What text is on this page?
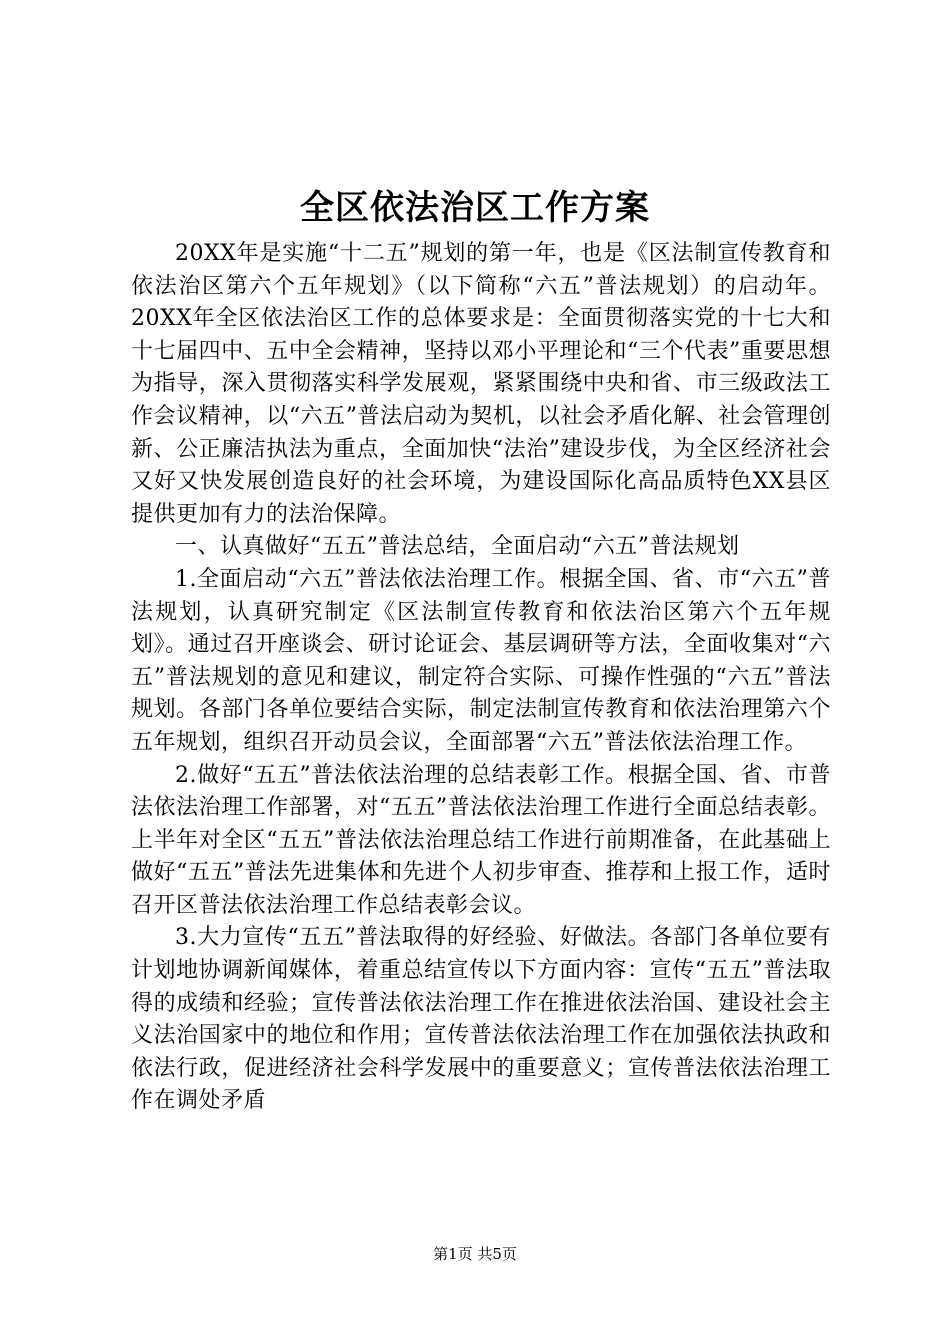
全区依法治区工作方案

20XX年是实施“十二五”规划的第一年，也是《区法制宣传教育和依法治区第六个五年规划》（以下简称“六五”普法规划）的启动年。20XX年全区依法治区工作的总体要求是：全面贯彻落实党的十七大和十七届四中、五中全会精神，坚持以邓小平理论和“三个代表”重要思想为指导，深入贯彻落实科学发展观，紧紧围绕中央和省、市三级政法工作会议精神，以“六五”普法启动为契机，以社会矛盾化解、社会管理创新、公正廉洁执法为重点，全面加快“法治”建设步伐，为全区经济社会又好又快发展创造良好的社会环境，为建设国际化高品质特色XX县区提供更加有力的法治保障。

一、认真做好“五五”普法总结，全面启动“六五”普法规划

1.全面启动“六五”普法依法治理工作。根据全国、省、市“六五”普法规划，认真研究制定《区法制宣传教育和依法治区第六个五年规划》。通过召开座谈会、研讨论证会、基层调研等方法，全面收集对“六五”普法规划的意见和建议，制定符合实际、可操作性强的“六五”普法规划。各部门各单位要结合实际，制定法制宣传教育和依法治理第六个五年规划，组织召开动员会议，全面部署“六五”普法依法治理工作。

2.做好“五五”普法依法治理的总结表彰工作。根据全国、省、市普法依法治理工作部署，对“五五”普法依法治理工作进行全面总结表彰。上半年对全区“五五”普法依法治理总结工作进行前期准备，在此基础上做好“五五”普法先进集体和先进个人初步审查、推荐和上报工作，适时召开区普法依法治理工作总结表彰会议。

3.大力宣传“五五”普法取得的好经验、好做法。各部门各单位要有计划地协调新闻媒体，着重总结宣传以下方面内容：宣传“五五”普法取得的成绩和经验；宣传普法依法治理工作在推进依法治国、建设社会主义法治国家中的地位和作用；宣传普法依法治理工作在加强依法执政和依法行政，促进经济社会科学发展中的重要意义；宣传普法依法治理工作在调处矛盾

第1页 共5页
